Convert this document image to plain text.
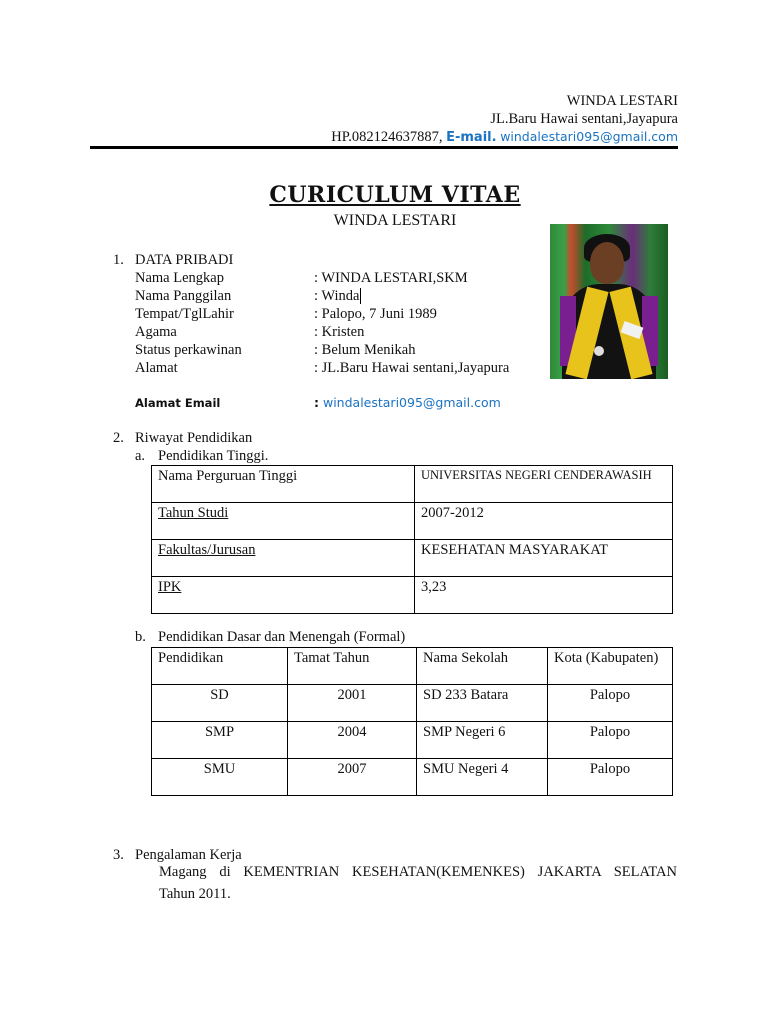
WINDA LESTARI
JL.Baru Hawai sentani,Jayapura
HP.082124637887, E-mail. windalestari095@gmail.com
CURICULUM VITAE
WINDA LESTARI
1. DATA PRIBADI
Nama Lengkap	: WINDA LESTARI,SKM
Nama Panggilan	: Winda
Tempat/TglLahir	: Palopo, 7 Juni 1989
Agama	: Kristen
Status perkawinan	: Belum Menikah
Alamat	: JL.Baru Hawai sentani,Jayapura
Alamat Email	: windalestari095@gmail.com
2. Riwayat Pendidikan
a. Pendidikan Tinggi.
Nama Perguruan Tinggi	UNIVERSITAS NEGERI CENDERAWASIH
Tahun Studi	2007-2012
Fakultas/Jurusan	KESEHATAN MASYARAKAT
IPK	3,23
b. Pendidikan Dasar dan Menengah (Formal)
Pendidikan	Tamat Tahun	Nama Sekolah	Kota (Kabupaten)
SD	2001	SD 233 Batara	Palopo
SMP	2004	SMP Negeri 6	Palopo
SMU	2007	SMU Negeri 4	Palopo
3. Pengalaman Kerja
Magang di KEMENTRIAN KESEHATAN(KEMENKES) JAKARTA SELATAN
Tahun 2011.
